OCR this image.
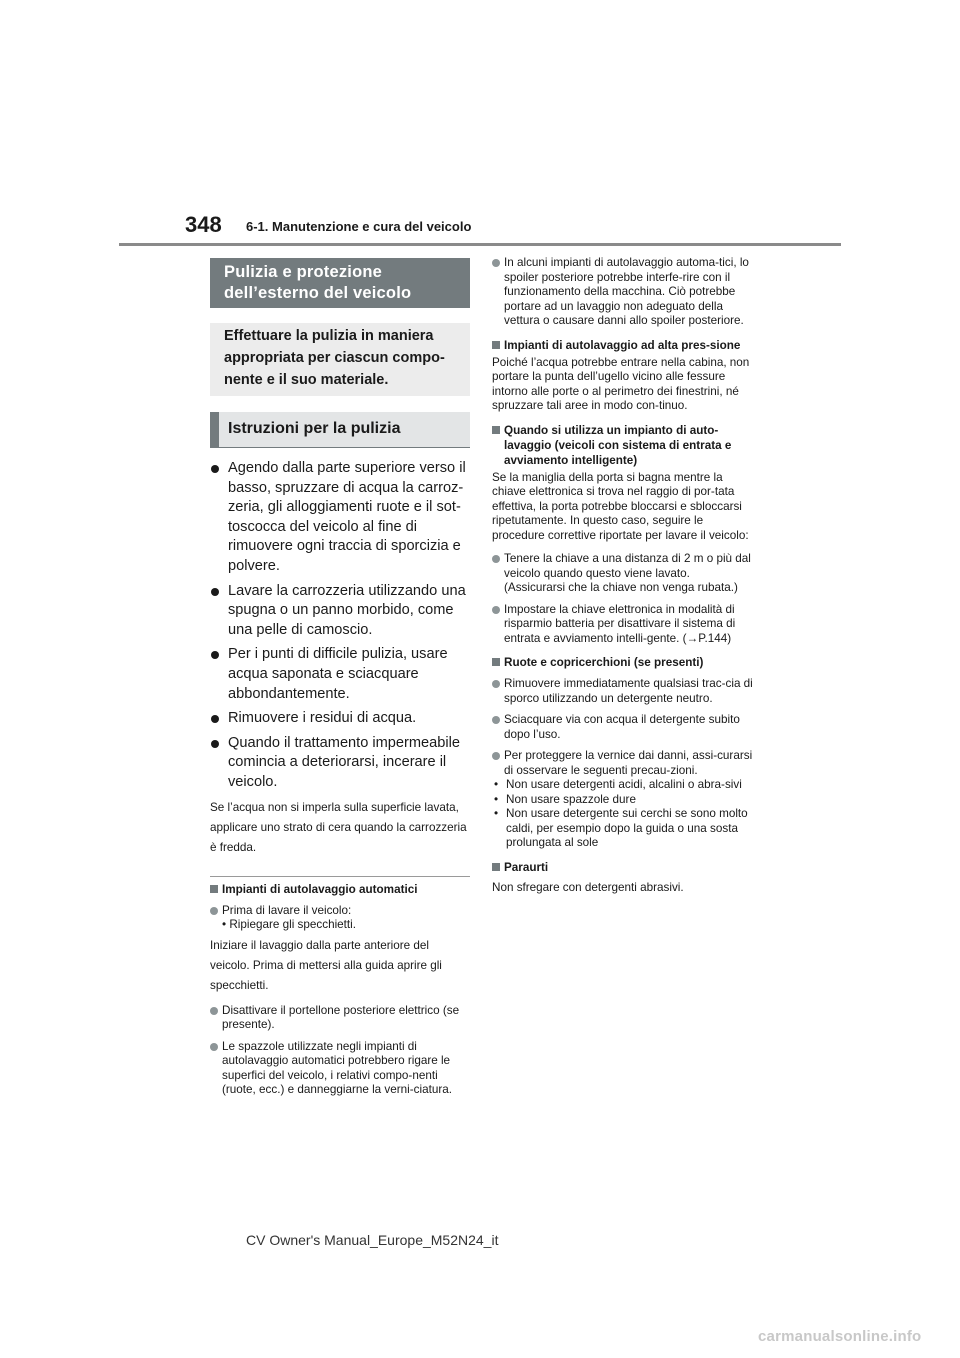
348 6-1. Manutenzione e cura del veicolo
Pulizia e protezione
dell’esterno del veicolo
Effettuare la pulizia in maniera
appropriata per ciascun compo-
nente e il suo materiale.
Istruzioni per la pulizia
Agendo dalla parte superiore verso il basso, spruzzare di acqua la carroz-zeria, gli alloggiamenti ruote e il sot-toscocca del veicolo al fine di rimuovere ogni traccia di sporcizia e polvere.
Lavare la carrozzeria utilizzando una spugna o un panno morbido, come una pelle di camoscio.
Per i punti di difficile pulizia, usare acqua saponata e sciacquare abbondantemente.
Rimuovere i residui di acqua.
Quando il trattamento impermeabile comincia a deteriorarsi, incerare il veicolo.
Se l’acqua non si imperla sulla superficie lavata, applicare uno strato di cera quando la carrozzeria è fredda.
Impianti di autolavaggio automatici
Prima di lavare il veicolo:
• Ripiegare gli specchietti.
Iniziare il lavaggio dalla parte anteriore del veicolo. Prima di mettersi alla guida aprire gli specchietti.
Disattivare il portellone posteriore elettrico (se presente).
Le spazzole utilizzate negli impianti di autolavaggio automatici potrebbero rigare le superfici del veicolo, i relativi compo-nenti (ruote, ecc.) e danneggiarne la verni-ciatura.
In alcuni impianti di autolavaggio automa-tici, lo spoiler posteriore potrebbe interfe-rire con il funzionamento della macchina. Ciò potrebbe portare ad un lavaggio non adeguato della vettura o causare danni allo spoiler posteriore.
Impianti di autolavaggio ad alta pres-sione
Poiché l’acqua potrebbe entrare nella cabina, non portare la punta dell’ugello vicino alle fessure intorno alle porte o al perimetro dei finestrini, né spruzzare tali aree in modo con-tinuo.
Quando si utilizza un impianto di auto-lavaggio (veicoli con sistema di entrata e avviamento intelligente)
Se la maniglia della porta si bagna mentre la chiave elettronica si trova nel raggio di por-tata effettiva, la porta potrebbe bloccarsi e sbloccarsi ripetutamente. In questo caso, seguire le procedure correttive riportate per lavare il veicolo:
Tenere la chiave a una distanza di 2 m o più dal veicolo quando questo viene lavato. (Assicurarsi che la chiave non venga rubata.)
Impostare la chiave elettronica in modalità di risparmio batteria per disattivare il sistema di entrata e avviamento intelli-gente. (→P.144)
Ruote e copricerchioni (se presenti)
Rimuovere immediatamente qualsiasi trac-cia di sporco utilizzando un detergente neutro.
Sciacquare via con acqua il detergente subito dopo l’uso.
Per proteggere la vernice dai danni, assi-curarsi di osservare le seguenti precau-zioni.
• Non usare detergenti acidi, alcalini o abra-sivi
• Non usare spazzole dure
• Non usare detergente sui cerchi se sono molto caldi, per esempio dopo la guida o una sosta prolungata al sole
Paraurti
Non sfregare con detergenti abrasivi.
CV Owner's Manual_Europe_M52N24_it
carmanualsonline.info
